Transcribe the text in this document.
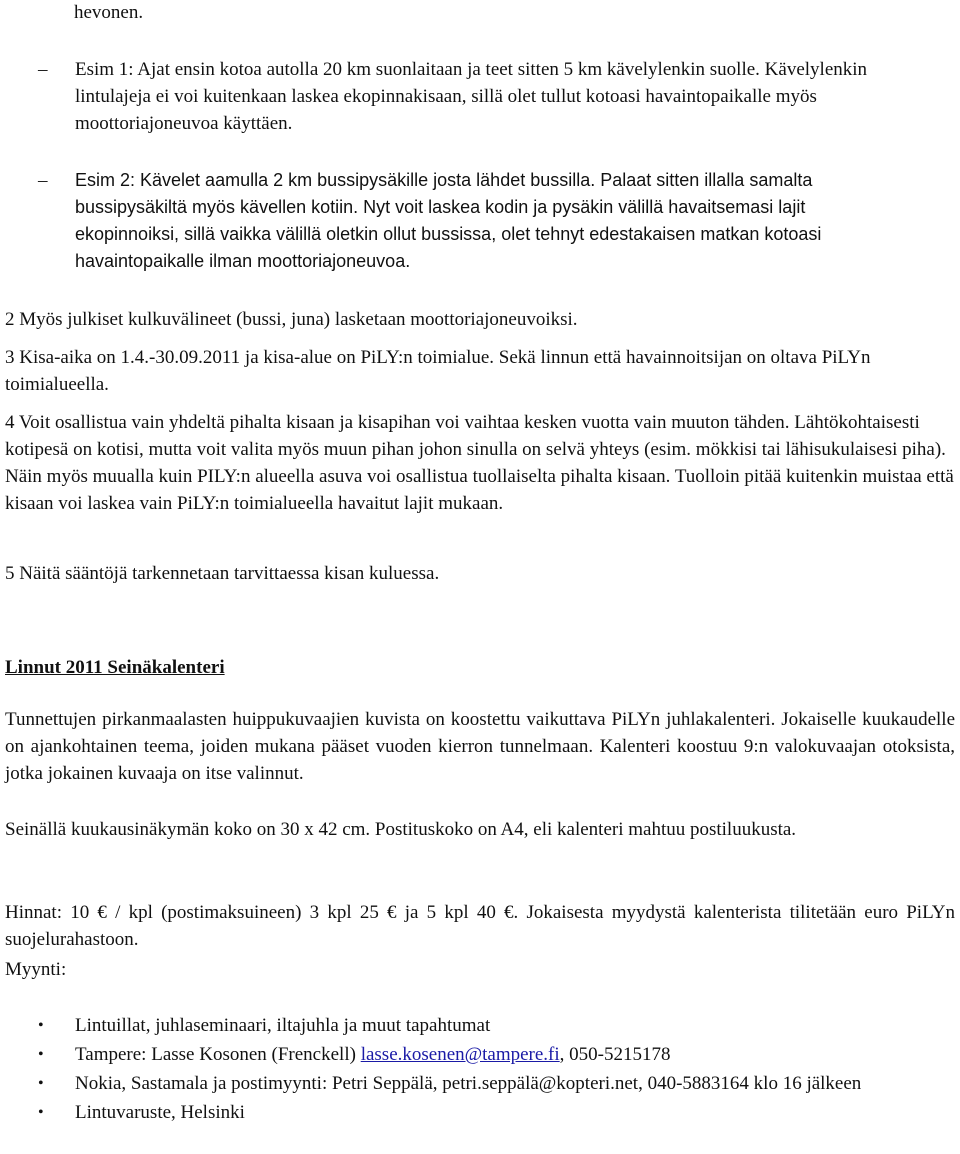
hevonen.

– Esim 1: Ajat ensin kotoa autolla 20 km suonlaitaan ja teet sitten 5 km kävelylenkin suolle. Kävelylenkin lintulajeja ei voi kuitenkaan laskea ekopinnakisaan, sillä olet tullut kotoasi havaintopaikalle myös moottoriajoneuvoa käyttäen.
– Esim 2: Kävelet aamulla 2 km bussipysäkille josta lähdet bussilla. Palaat sitten illalla samalta bussipysäkiltä myös kävellen kotiin. Nyt voit laskea kodin ja pysäkin välillä havaitsemasi lajit ekopinnoiksi, sillä vaikka välillä oletkin ollut bussissa, olet tehnyt edestakaisen matkan kotoasi havaintopaikalle ilman moottoriajoneuvoa.

2 Myös julkiset kulkuvälineet (bussi, juna) lasketaan moottoriajoneuvoiksi.

3 Kisa-aika on 1.4.-30.09.2011 ja kisa-alue on PiLY:n toimialue. Sekä linnun että havainnoitsijan on oltava PiLYn toimialueella.

4 Voit osallistua vain yhdeltä pihalta kisaan ja kisapihan voi vaihtaa kesken vuotta vain muuton tähden. Lähtökohtaisesti kotipesä on kotisi, mutta voit valita myös muun pihan johon sinulla on selvä yhteys (esim. mökkisi tai lähisukulaisesi piha). Näin myös muualla kuin PILY:n alueella asuva voi osallistua tuollaiselta pihalta kisaan. Tuolloin pitää kuitenkin muistaa että kisaan voi laskea vain PiLY:n toimialueella havaitut lajit mukaan.

5 Näitä sääntöjä tarkennetaan tarvittaessa kisan kuluessa.

Linnut 2011 Seinäkalenteri

Tunnettujen pirkanmaalasten huippukuvaajien kuvista on koostettu vaikuttava PiLYn juhlakalenteri. Jokaiselle kuukaudelle on ajankohtainen teema, joiden mukana pääset vuoden kierron tunnelmaan. Kalenteri koostuu 9:n valokuvaajan otoksista, jotka jokainen kuvaaja on itse valinnut.

Seinällä kuukausinäkymän koko on 30 x 42 cm. Postituskoko on A4, eli kalenteri mahtuu postiluukusta.

Hinnat: 10 € / kpl (postimaksuineen) 3 kpl 25 € ja 5 kpl 40 €. Jokaisesta myydystä kalenterista tilitetään euro PiLYn suojelurahastoon.

Myynti:

• Lintuillat, juhlaseminaari, iltajuhla ja muut tapahtumat
• Tampere: Lasse Kosonen (Frenckell) lasse.kosenen@tampere.fi, 050-5215178
• Nokia, Sastamala ja postimyynti: Petri Seppälä, petri.seppälä@kopteri.net, 040-5883164 klo 16 jälkeen
• Lintuvaruste, Helsinki
